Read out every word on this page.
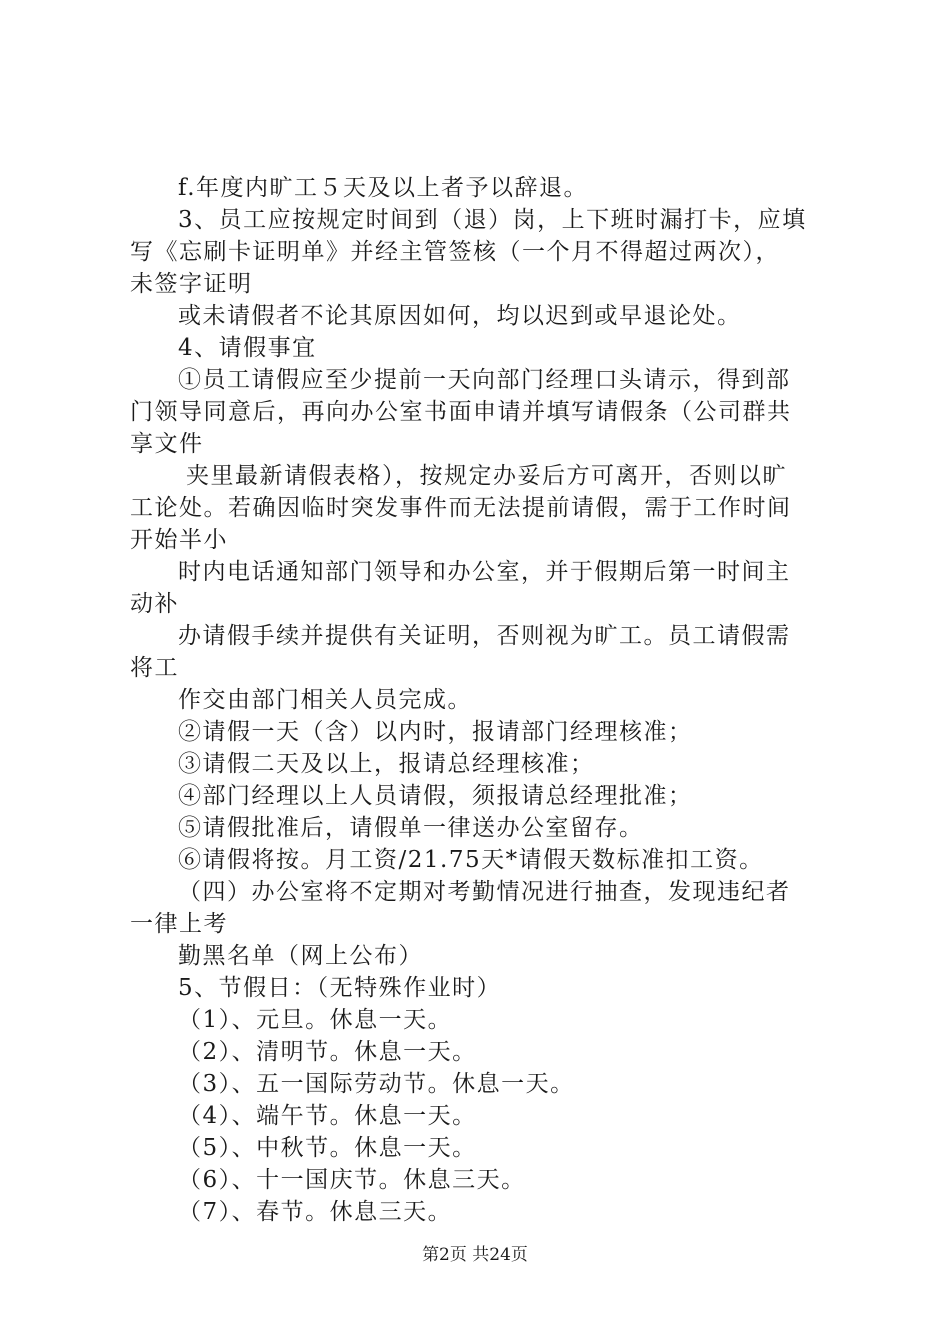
f.年度内旷工５天及以上者予以辞退。
3、员工应按规定时间到（退）岗，上下班时漏打卡，应填
写《忘刷卡证明单》并经主管签核（一个月不得超过两次），
未签字证明
或未请假者不论其原因如何，均以迟到或早退论处。
4、请假事宜
①员工请假应至少提前一天向部门经理口头请示，得到部
门领导同意后，再向办公室书面申请并填写请假条（公司群共
享文件
夹里最新请假表格），按规定办妥后方可离开，否则以旷
工论处。若确因临时突发事件而无法提前请假，需于工作时间
开始半小
时内电话通知部门领导和办公室，并于假期后第一时间主
动补
办请假手续并提供有关证明，否则视为旷工。员工请假需
将工
作交由部门相关人员完成。
②请假一天（含）以内时，报请部门经理核准；
③请假二天及以上，报请总经理核准；
④部门经理以上人员请假，须报请总经理批准；
⑤请假批准后，请假单一律送办公室留存。
⑥请假将按。月工资/21.75天*请假天数标准扣工资。
（四）办公室将不定期对考勤情况进行抽查，发现违纪者
一律上考
勤黑名单（网上公布）
5、节假日：（无特殊作业时）
（1）、元旦。休息一天。
（2）、清明节。休息一天。
（3）、五一国际劳动节。休息一天。
（4）、端午节。休息一天。
（5）、中秋节。休息一天。
（6）、十一国庆节。休息三天。
（7）、春节。休息三天。
第2页 共24页
